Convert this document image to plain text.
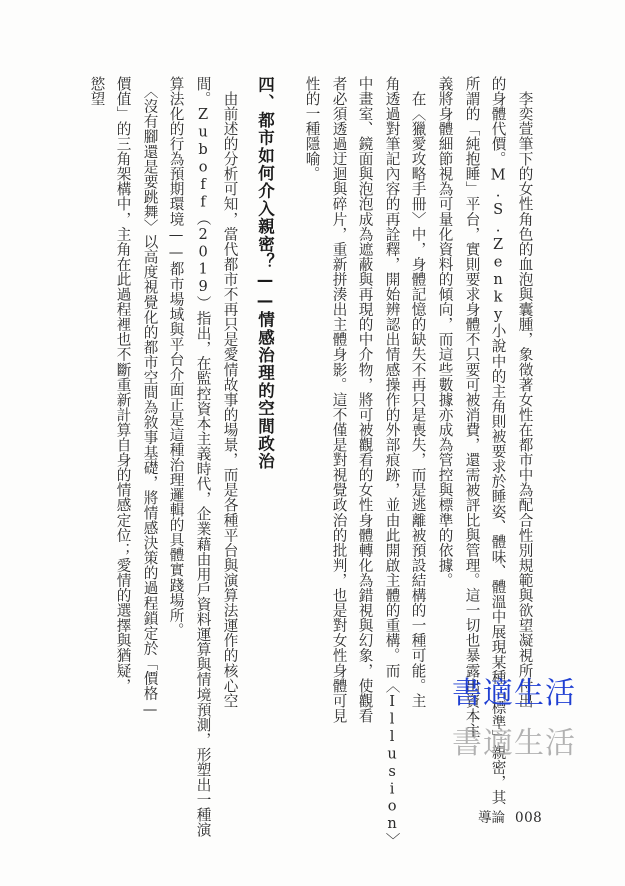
　李奕萱筆下的女性角色的血泡與囊腫，象徵著女性在都市中為配合性別規範與欲望凝視所付出
的身體代價。M.S.Zenky小說中的主角則被要求於睡姿、體味、體溫中展現某種「標準」親密，其
所謂的「純抱睡」平台，實則要求身體不只要可被消費，還需被評比與管理。這一切也暴露出資本主
義將身體細節視為可量化資料的傾向，而這些數據亦成為管控與標準的依據。
　在〈獵愛攻略手冊〉中，身體記憶的缺失不再只是喪失，而是逃離被預設結構的一種可能。主
角透過對筆記內容的再詮釋，開始辨認出情感操作的外部痕跡，並由此開啟主體的重構。而〈Illusion〉
中畫室、鏡面與泡泡成為遮蔽與再現的中介物，將可被觀看的女性身體轉化為錯視與幻象，使觀看
者必須透過迂迴與碎片，重新拼湊出主體身影。這不僅是對視覺政治的批判，也是對女性身體可見
性的一種隱喻。
四、都市如何介入親密？——情感治理的空間政治
　由前述的分析可知，當代都市不再只是愛情故事的場景，而是各種平台與演算法運作的核心空
間。Zuboff（2019）指出，在監控資本主義時代，企業藉由用戶資料運算與情境預測，形塑出一種演
算法化的行為預期環境——都市場域與平台介面正是這種治理邏輯的具體實踐場所。
　〈沒有腳還是要跳舞〉以高度視覺化的都市空間為敘事基礎，將情感決策的過程鎖定於「價格—
價值」的三角架構中，主角在此過程裡也不斷重新計算自身的情感定位；愛情的選擇與猶疑，
慾望
書適生活
書適生活
導論 008
